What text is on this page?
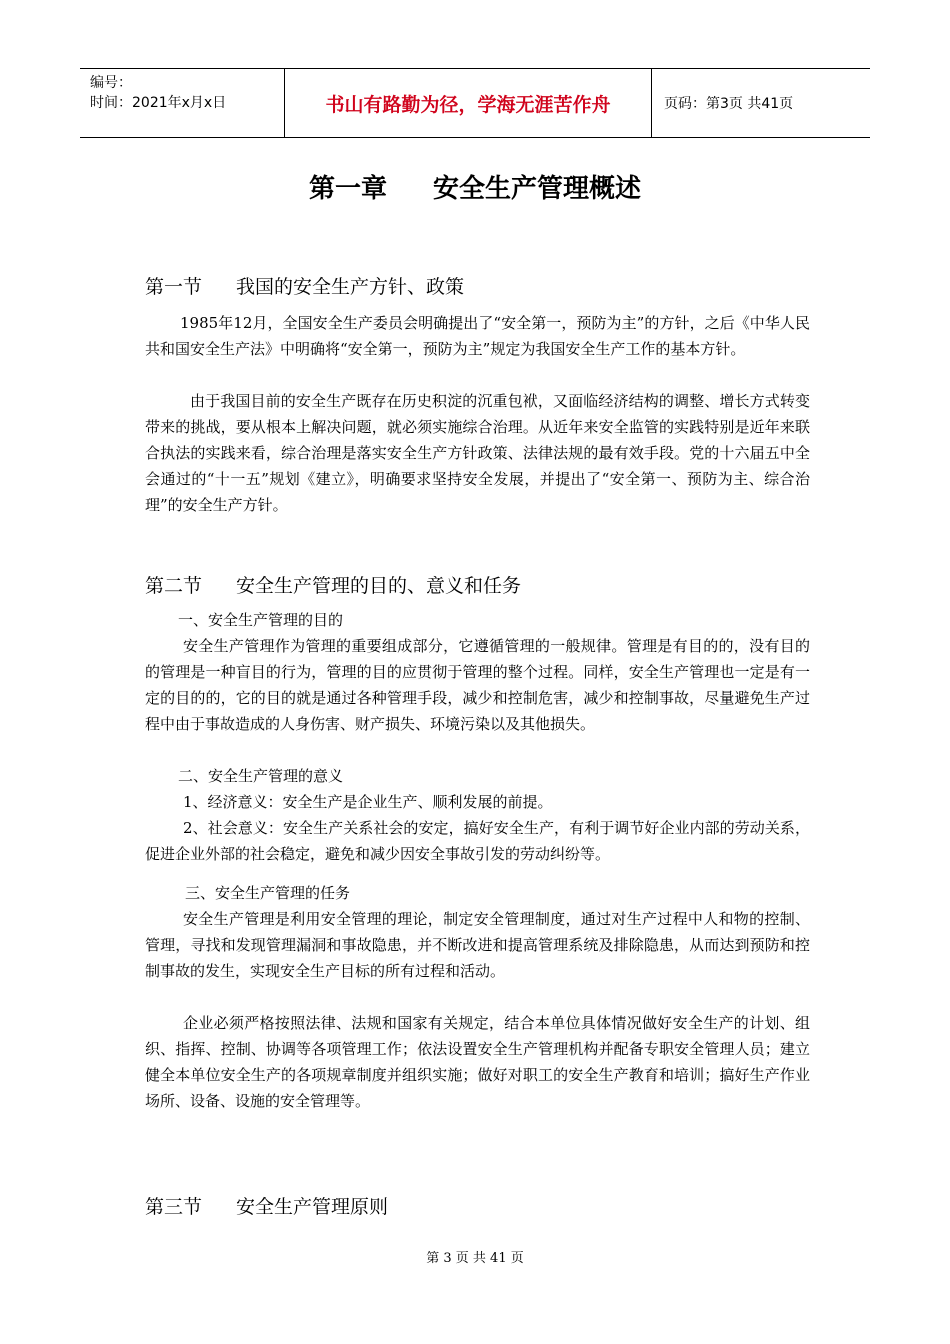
编号：
时间：2021年x月x日	书山有路勤为径，学海无涯苦作舟	页码：第3页 共41页
第一章 安全生产管理概述
第一节 我国的安全生产方针、政策

1985年12月，全国安全生产委员会明确提出了“安全第一，预防为主”的方针，之后《中华人民共和国安全生产法》中明确将“安全第一，预防为主”规定为我国安全生产工作的基本方针。

由于我国目前的安全生产既存在历史积淀的沉重包袱，又面临经济结构的调整、增长方式转变带来的挑战，要从根本上解决问题，就必须实施综合治理。从近年来安全监管的实践特别是近年来联合执法的实践来看，综合治理是落实安全生产方针政策、法律法规的最有效手段。党的十六届五中全会通过的“十一五”规划《建立》，明确要求坚持安全发展，并提出了“安全第一、预防为主、综合治理”的安全生产方针。

第二节 安全生产管理的目的、意义和任务
一、安全生产管理的目的

安全生产管理作为管理的重要组成部分，它遵循管理的一般规律。管理是有目的的，没有目的的管理是一种盲目的行为，管理的目的应贯彻于管理的整个过程。同样，安全生产管理也一定是有一定的目的的，它的目的就是通过各种管理手段，减少和控制危害，减少和控制事故，尽量避免生产过程中由于事故造成的人身伤害、财产损失、环境污染以及其他损失。

二、安全生产管理的意义

1、经济意义：安全生产是企业生产、顺利发展的前提。

2、社会意义：安全生产关系社会的安定，搞好安全生产，有利于调节好企业内部的劳动关系，促进企业外部的社会稳定，避免和减少因安全事故引发的劳动纠纷等。

三、安全生产管理的任务

安全生产管理是利用安全管理的理论，制定安全管理制度，通过对生产过程中人和物的控制、管理，寻找和发现管理漏洞和事故隐患，并不断改进和提高管理系统及排除隐患，从而达到预防和控制事故的发生，实现安全生产目标的所有过程和活动。

企业必须严格按照法律、法规和国家有关规定，结合本单位具体情况做好安全生产的计划、组织、指挥、控制、协调等各项管理工作；依法设置安全生产管理机构并配备专职安全管理人员；建立健全本单位安全生产的各项规章制度并组织实施；做好对职工的安全生产教育和培训；搞好生产作业场所、设备、设施的安全管理等。

第三节 安全生产管理原则
第 3 页 共 41 页
